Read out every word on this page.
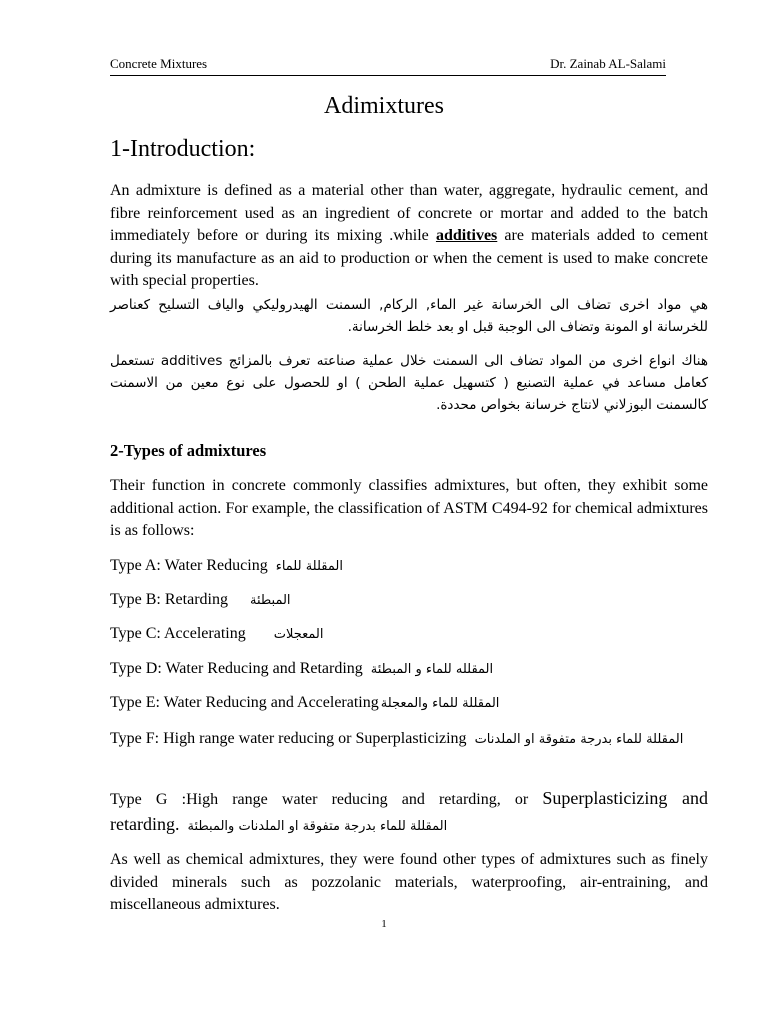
Concrete Mixtures	Dr. Zainab AL-Salami
Adimixtures
1-Introduction:
An admixture is defined as a material other than water, aggregate, hydraulic cement, and fibre reinforcement used as an ingredient of concrete or mortar and added to the batch immediately before or during its mixing .while additives are materials added to cement during its manufacture as an aid to production or when the cement is used to make concrete with special properties.
هي مواد اخرى تضاف الى الخرسانة غير الماء, الركام, السمنت الهيدروليكي والياف التسليح كعناصر للخرسانة او المونة وتضاف الى الوجبة قبل او بعد خلط الخرسانة.
هناك انواع اخرى من المواد تضاف الى السمنت خلال عملية صناعته تعرف بالمزائج additives تستعمل كعامل مساعد في عملية التصنيع ( كتسهيل عملية الطحن ) او للحصول على نوع معين من الاسمنت كالسمنت البوزلاني لانتاج خرسانة بخواص محددة.
2-Types of admixtures
Their function in concrete commonly classifies admixtures, but often, they exhibit some additional action. For example, the classification of ASTM C494-92 for chemical admixtures is as follows:
Type A: Water Reducing المقللة للماء
Type B: Retarding المبطئة
Type C: Accelerating المعجلات
Type D: Water Reducing and Retarding المقلله للماء و المبطئة
Type E: Water Reducing and Accelerating المقللة للماء والمعجلة
Type F: High range water reducing or Superplasticizing المقللة للماء بدرجة متفوقة او الملدنات
Type G :High range water reducing and retarding, or Superplasticizing and retarding. المقللة للماء بدرجة متفوقة او الملدنات والمبطئة
As well as chemical admixtures, they were found other types of admixtures such as finely divided minerals such as pozzolanic materials, waterproofing, air-entraining, and miscellaneous admixtures.
1
